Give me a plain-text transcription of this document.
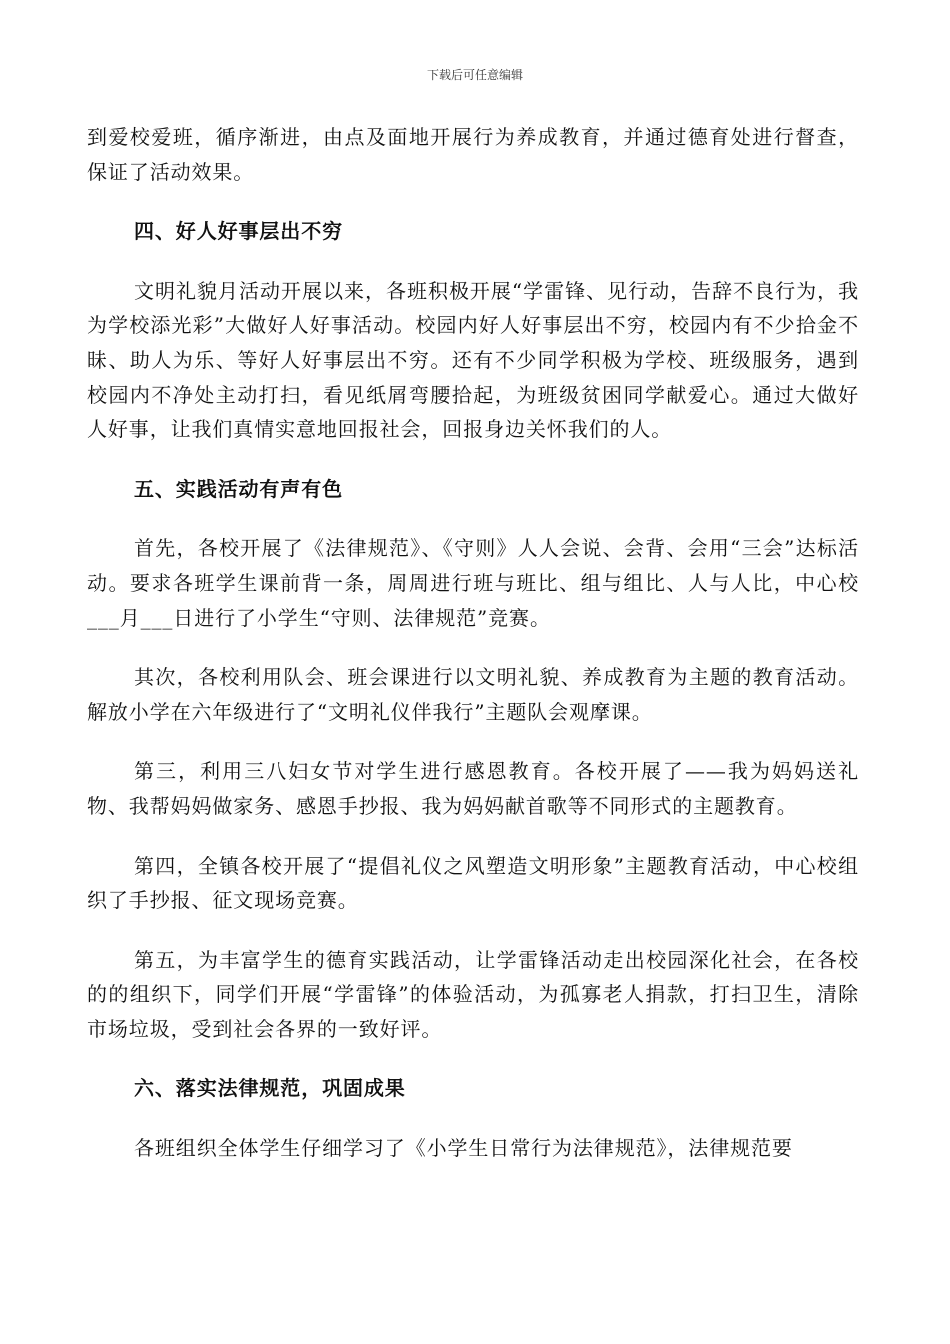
下载后可任意编辑

到爱校爱班，循序渐进，由点及面地开展行为养成教育，并通过德育处进行督查，保证了活动效果。

四、好人好事层出不穷

文明礼貌月活动开展以来，各班积极开展“学雷锋、见行动，告辞不良行为，我为学校添光彩”大做好人好事活动。校园内好人好事层出不穷，校园内有不少拾金不昧、助人为乐、等好人好事层出不穷。还有不少同学积极为学校、班级服务，遇到校园内不净处主动打扫，看见纸屑弯腰拾起，为班级贫困同学献爱心。通过大做好人好事，让我们真情实意地回报社会，回报身边关怀我们的人。

五、实践活动有声有色

首先，各校开展了《法律规范》、《守则》人人会说、会背、会用“三会”达标活动。要求各班学生课前背一条，周周进行班与班比、组与组比、人与人比，中心校___月___日进行了小学生“守则、法律规范”竞赛。

其次，各校利用队会、班会课进行以文明礼貌、养成教育为主题的教育活动。解放小学在六年级进行了“文明礼仪伴我行”主题队会观摩课。

第三，利用三八妇女节对学生进行感恩教育。各校开展了——我为妈妈送礼物、我帮妈妈做家务、感恩手抄报、我为妈妈献首歌等不同形式的主题教育。

第四，全镇各校开展了“提倡礼仪之风塑造文明形象”主题教育活动，中心校组织了手抄报、征文现场竞赛。

第五，为丰富学生的德育实践活动，让学雷锋活动走出校园深化社会，在各校的的组织下，同学们开展“学雷锋”的体验活动，为孤寡老人捐款，打扫卫生，清除市场垃圾，受到社会各界的一致好评。

六、落实法律规范，巩固成果

各班组织全体学生仔细学习了《小学生日常行为法律规范》，法律规范要
